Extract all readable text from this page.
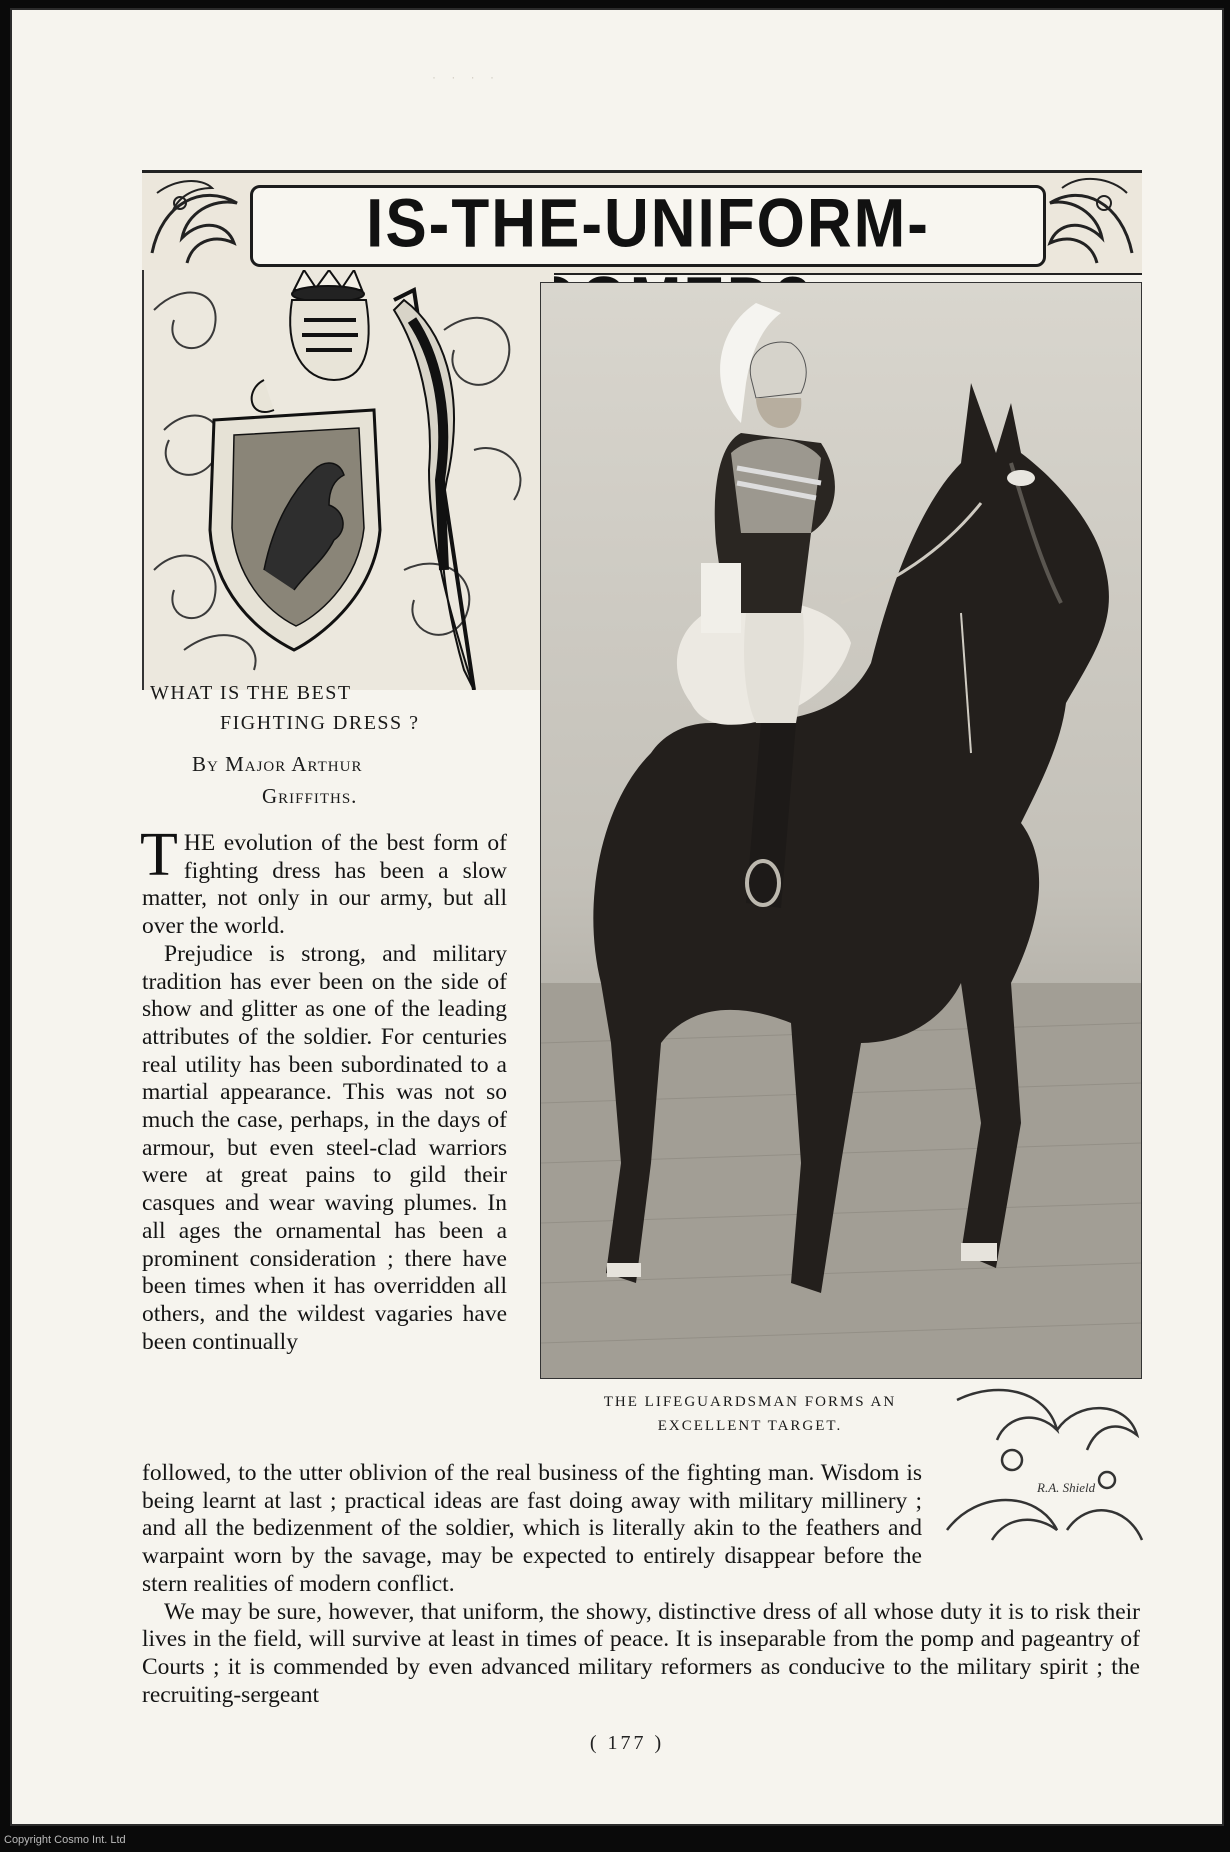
· · · ·
IS-THE-UNIFORM-
THE LIFEGUARDSMAN FORMS AN
EXCELLENT TARGET.
R.A. Shield
WHAT IS THE BEST
FIGHTING DRESS ?
By Major Arthur
Griffiths.

THE evolution of the best form of fighting dress has been a slow matter, not only in our army, but all over the world.

Prejudice is strong, and military tradition has ever been on the side of show and glitter as one of the leading attributes of the soldier. For centuries real utility has been subordinated to a martial appearance. This was not so much the case, perhaps, in the days of armour, but even steel-clad warriors were at great pains to gild their casques and wear waving plumes. In all ages the ornamental has been a prominent consideration ; there have been times when it has overridden all others, and the wildest vagaries have been continually

followed, to the utter oblivion of the real business of the fighting man. Wisdom is being learnt at last ; practical ideas are fast doing away with military millinery ; and all the bedizenment of the soldier, which is literally akin to the feathers and warpaint worn by the savage, may be expected to entirely disappear before the stern realities of modern conflict.

We may be sure, however, that uniform, the showy, distinctive dress of all whose duty it is to risk their lives in the field, will survive at least in times of peace. It is inseparable from the pomp and pageantry of Courts ; it is commended by even advanced military reformers as conducive to the military spirit ; the recruiting-sergeant

( 177 )
Copyright Cosmo Int. Ltd
